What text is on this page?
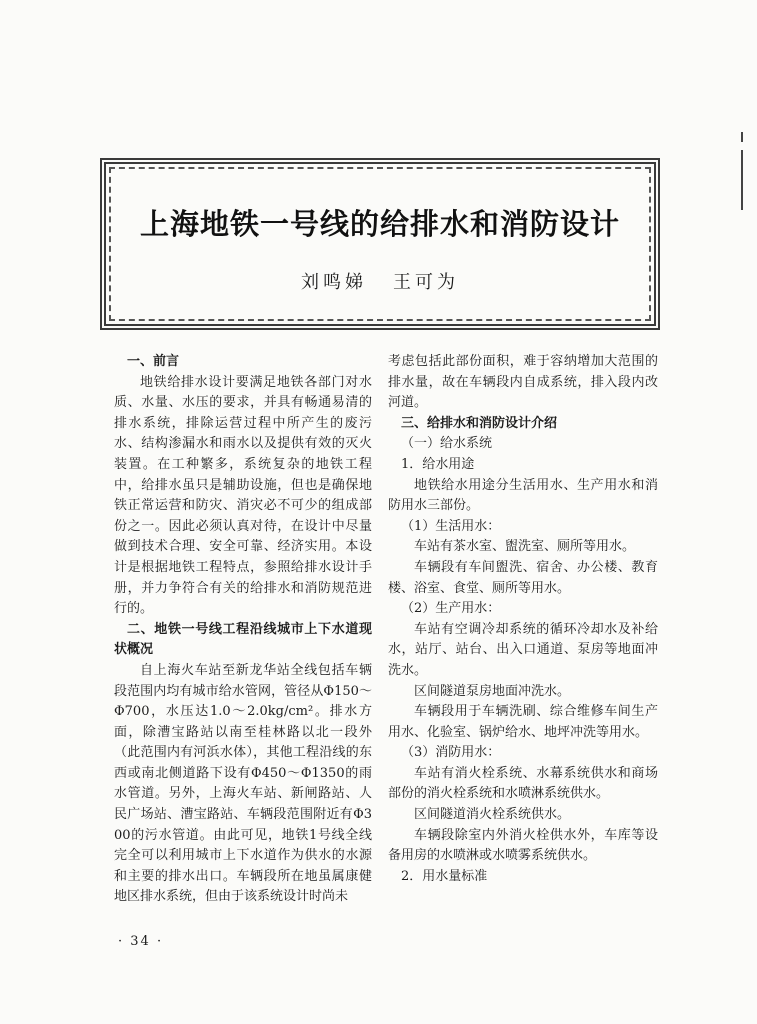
上海地铁一号线的给排水和消防设计
刘鸣娣 王可为
一、前言

地铁给排水设计要满足地铁各部门对水质、水量、水压的要求，并具有畅通易清的排水系统，排除运营过程中所产生的废污水、结构渗漏水和雨水以及提供有效的灭火装置。在工种繁多，系统复杂的地铁工程中，给排水虽只是辅助设施，但也是确保地铁正常运营和防灾、消灾必不可少的组成部份之一。因此必须认真对待，在设计中尽量做到技术合理、安全可靠、经济实用。本设计是根据地铁工程特点，参照给排水设计手册，并力争符合有关的给排水和消防规范进行的。

二、地铁一号线工程沿线城市上下水道现状概况

自上海火车站至新龙华站全线包括车辆段范围内均有城市给水管网，管径从Φ150～Φ700，水压达1.0～2.0kg/cm²。排水方面，除漕宝路站以南至桂林路以北一段外（此范围内有河浜水体），其他工程沿线的东西或南北侧道路下设有Φ450～Φ1350的雨水管道。另外，上海火车站、新闸路站、人民广场站、漕宝路站、车辆段范围附近有Φ300的污水管道。由此可见，地铁1号线全线完全可以利用城市上下水道作为供水的水源和主要的排水出口。车辆段所在地虽属康健地区排水系统，但由于该系统设计时尚未

考虑包括此部份面积，难于容纳增加大范围的排水量，故在车辆段内自成系统，排入段内改河道。

三、给排水和消防设计介绍

（一）给水系统

1．给水用途

地铁给水用途分生活用水、生产用水和消防用水三部份。

（1）生活用水：

车站有茶水室、盥洗室、厕所等用水。

车辆段有车间盥洗、宿舍、办公楼、教育楼、浴室、食堂、厕所等用水。

（2）生产用水：

车站有空调冷却系统的循环冷却水及补给水，站厅、站台、出入口通道、泵房等地面冲洗水。

区间隧道泵房地面冲洗水。

车辆段用于车辆洗刷、综合维修车间生产用水、化验室、锅炉给水、地坪冲洗等用水。

（3）消防用水：

车站有消火栓系统、水幕系统供水和商场部份的消火栓系统和水喷淋系统供水。

区间隧道消火栓系统供水。

车辆段除室内外消火栓供水外，车库等设备用房的水喷淋或水喷雾系统供水。

2．用水量标准

· 34 ·
